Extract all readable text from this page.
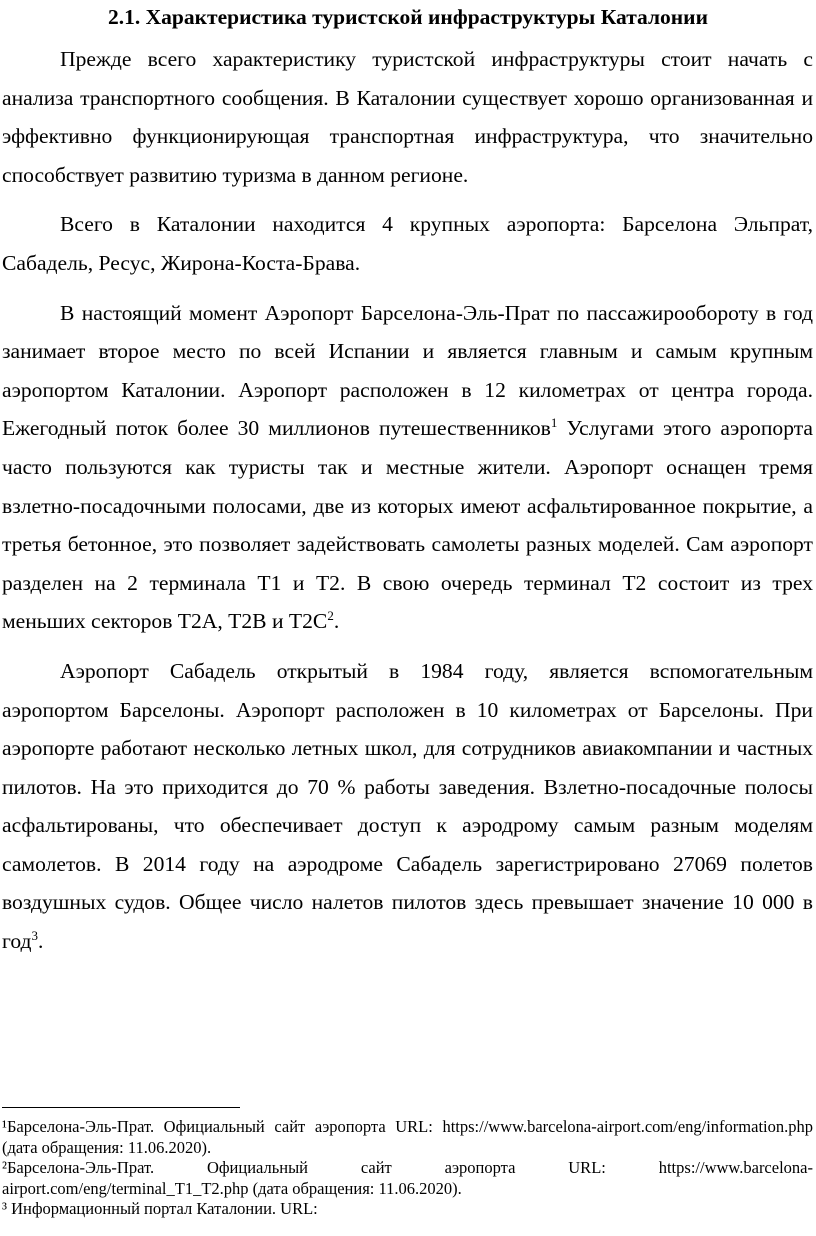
2.1. Характеристика туристской инфраструктуры Каталонии

Прежде всего характеристику туристской инфраструктуры стоит начать с анализа транспортного сообщения. В Каталонии существует хорошо организованная и эффективно функционирующая транспортная инфраструктура, что значительно способствует развитию туризма в данном регионе.

Всего в Каталонии находится 4 крупных аэропорта: Барселона Эльпрат, Сабадель, Ресус, Жирона-Коста-Брава.

В настоящий момент Аэропорт Барселона-Эль-Прат по пассажирообороту в год занимает второе место по всей Испании и является главным и самым крупным аэропортом Каталонии. Аэропорт расположен в 12 километрах от центра города. Ежегодный поток более 30 миллионов путешественников$^1$ Услугами этого аэропорта часто пользуются как туристы так и местные жители. Аэропорт оснащен тремя взлетно-посадочными полосами, две из которых имеют асфальтированное покрытие, а третья бетонное, это позволяет задействовать самолеты разных моделей. Сам аэропорт разделен на 2 терминала Т1 и Т2. В свою очередь терминал Т2 состоит из трех меньших секторов Т2А, Т2В и $Т2С^2$.

Аэропорт Сабадель открытый в 1984 году, является вспомогательным аэропортом Барселоны. Аэропорт расположен в 10 километрах от Барселоны. При аэропорте работают несколько летных школ, для сотрудников авиакомпании и частных пилотов. На это приходится до 70 % работы заведения. Взлетно-посадочные полосы асфальтированы, что обеспечивает доступ к аэродрому самым разным моделям самолетов. В 2014 году на аэродроме Сабадель зарегистрировано 27069 полетов воздушных судов. Общее число налетов пилотов здесь превышает значение 10 000 в год$^3$.

¹Барселона-Эль-Прат. Официальный сайт аэропорта URL: https://www.barcelona-airport.com/eng/information.php (дата обращения: 11.06.2020).

²Барселона-Эль-Прат. Официальный сайт аэропорта URL: https://www.barcelona-airport.com/eng/terminal_T1_T2.php (дата обращения: 11.06.2020).

³ Информационный портал Каталонии. URL:
